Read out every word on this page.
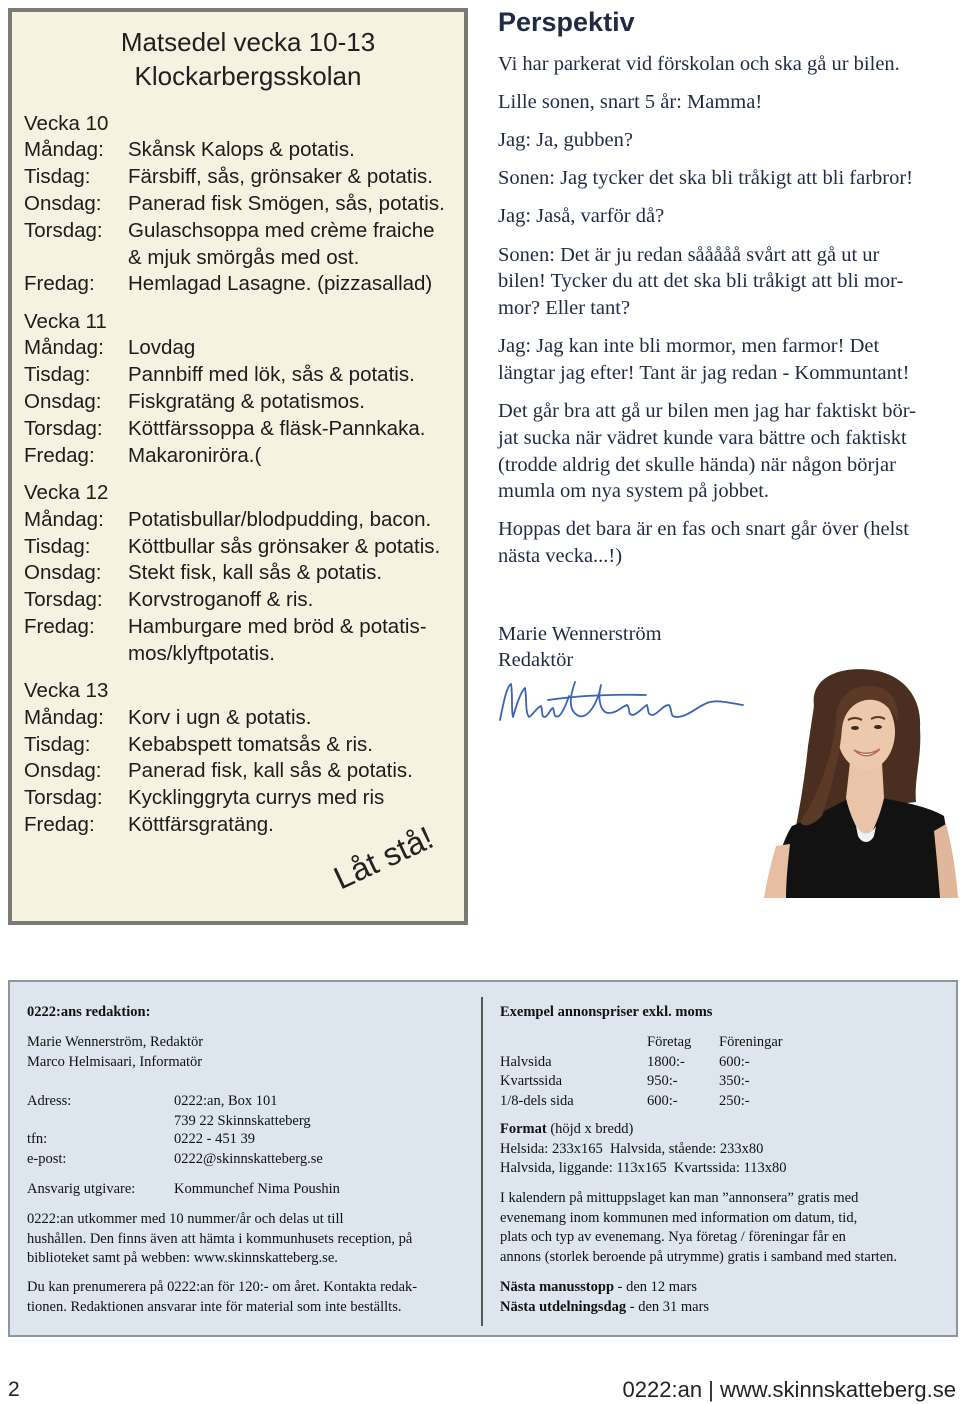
Matsedel vecka 10-13
Klockarbergsskolan
Vecka 10
Måndag:	Skånsk Kalops & potatis.
Tisdag:	Färsbiff, sås, grönsaker & potatis.
Onsdag:	Panerad fisk Smögen, sås, potatis.
Torsdag:	Gulaschsoppa med crème fraiche
& mjuk smörgås med ost.
Fredag:	Hemlagad Lasagne. (pizzasallad)
Vecka 11
Måndag:	Lovdag
Tisdag:	Pannbiff med lök, sås & potatis.
Onsdag:	Fiskgratäng & potatismos.
Torsdag:	Köttfärssoppa & fläsk-Pannkaka.
Fredag:	Makaroniröra.(
Vecka 12
Måndag:	Potatisbullar/blodpudding, bacon.
Tisdag:	Köttbullar sås grönsaker & potatis.
Onsdag:	Stekt fisk, kall sås & potatis.
Torsdag:	Korvstroganoff & ris.
Fredag:	Hamburgare med bröd & potatis-
mos/klyftpotatis.
Vecka 13
Måndag:	Korv i ugn & potatis.
Tisdag:	Kebabspett tomatsås & ris.
Onsdag:	Panerad fisk, kall sås & potatis.
Torsdag:	Kycklinggryta currys med ris
Fredag:	Köttfärsgratäng. Låt stå!
Perspektiv

Vi har parkerat vid förskolan och ska gå ur bilen.

Lille sonen, snart 5 år: Mamma!

Jag: Ja, gubben?

Sonen: Jag tycker det ska bli tråkigt att bli farbror!

Jag: Jaså, varför då?

Sonen: Det är ju redan sååååå svårt att gå ut ur
bilen! Tycker du att det ska bli tråkigt att bli mor-
mor? Eller tant?

Jag: Jag kan inte bli mormor, men farmor! Det
längtar jag efter! Tant är jag redan - Kommuntant!

Det går bra att gå ur bilen men jag har faktiskt bör-
jat sucka när vädret kunde vara bättre och faktiskt
(trodde aldrig det skulle hända) när någon börjar
mumla om nya system på jobbet.

Hoppas det bara är en fas och snart går över (helst
nästa vecka...!)

Marie Wennerström
Redaktör
0222:ans redaktion:
Marie Wennerström, Redaktör
Marco Helmisaari, Informatör
Adress:	0222:an, Box 101
739 22 Skinnskatteberg
tfn:	0222 - 451 39
e-post:	0222@skinnskatteberg.se
Ansvarig utgivare:	Kommunchef Nima Poushin
0222:an utkommer med 10 nummer/år och delas ut till
hushållen. Den finns även att hämta i kommunhusets reception, på
biblioteket samt på webben: www.skinnskatteberg.se.
Du kan prenumerera på 0222:an för 120:- om året. Kontakta redak-
tionen. Redaktionen ansvarar inte för material som inte beställts.
Exempel annonspriser exkl. moms
Företag Föreningar
Halvsida	1800:- 600:-
Kvartssida	950:-	350:-
1/8-dels sida	600:-	250:-
Format (höjd x bredd)
Helsida: 233x165  Halvsida, stående: 233x80
Halvsida, liggande: 113x165  Kvartssida: 113x80
I kalendern på mittuppslaget kan man ”annonsera” gratis med
evenemang inom kommunen med information om datum, tid,
plats och typ av evenemang. Nya företag / föreningar får en
annons (storlek beroende på utrymme) gratis i samband med starten.
Nästa manusstopp - den 12 mars
Nästa utdelningsdag - den 31 mars
2	0222:an | www.skinnskatteberg.se
